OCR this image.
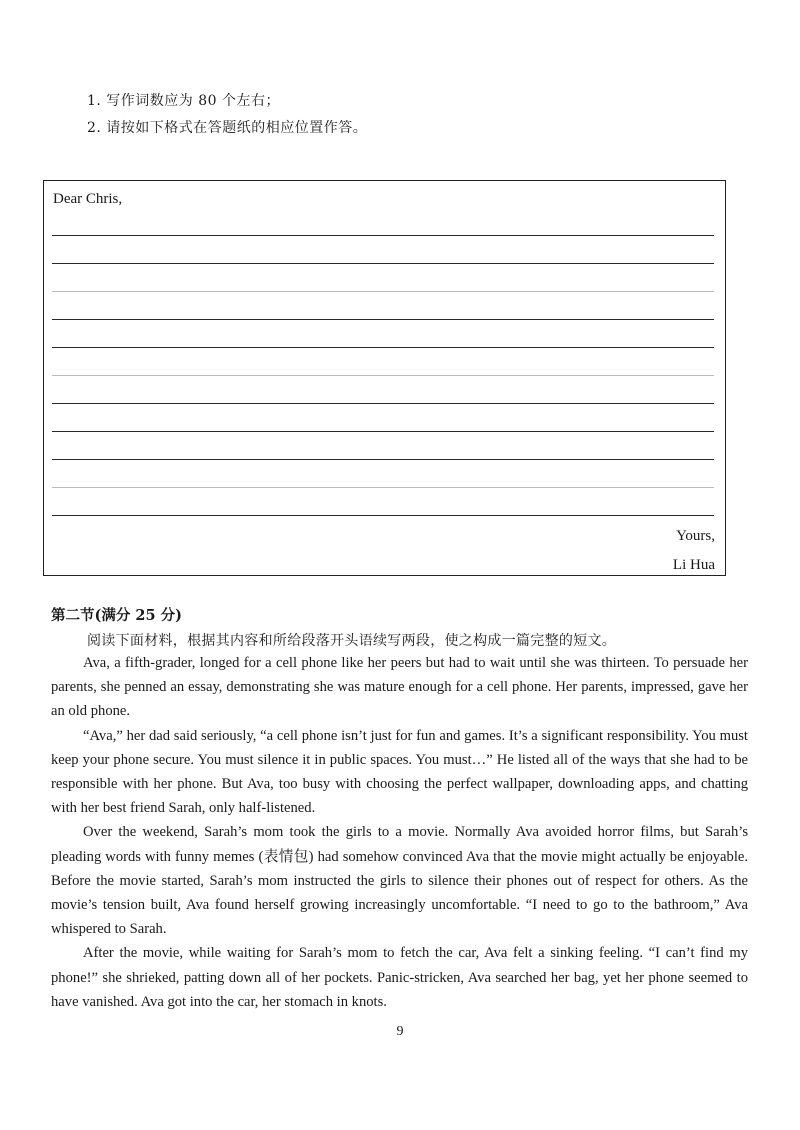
1. 写作词数应为 80 个左右；
2. 请按如下格式在答题纸的相应位置作答。
Dear Chris,
Yours,
Li Hua
第二节(满分 25 分)
阅读下面材料，根据其内容和所给段落开头语续写两段，使之构成一篇完整的短文。

Ava, a fifth-grader, longed for a cell phone like her peers but had to wait until she was thirteen. To persuade her parents, she penned an essay, demonstrating she was mature enough for a cell phone. Her parents, impressed, gave her an old phone.

“Ava,” her dad said seriously, “a cell phone isn’t just for fun and games. It’s a significant responsibility. You must keep your phone secure. You must silence it in public spaces. You must…” He listed all of the ways that she had to be responsible with her phone. But Ava, too busy with choosing the perfect wallpaper, downloading apps, and chatting with her best friend Sarah, only half-listened.

Over the weekend, Sarah’s mom took the girls to a movie. Normally Ava avoided horror films, but Sarah’s pleading words with funny memes (表情包) had somehow convinced Ava that the movie might actually be enjoyable. Before the movie started, Sarah’s mom instructed the girls to silence their phones out of respect for others. As the movie’s tension built, Ava found herself growing increasingly uncomfortable. “I need to go to the bathroom,” Ava whispered to Sarah.

After the movie, while waiting for Sarah’s mom to fetch the car, Ava felt a sinking feeling. “I can’t find my phone!” she shrieked, patting down all of her pockets. Panic-stricken, Ava searched her bag, yet her phone seemed to have vanished. Ava got into the car, her stomach in knots.

9
